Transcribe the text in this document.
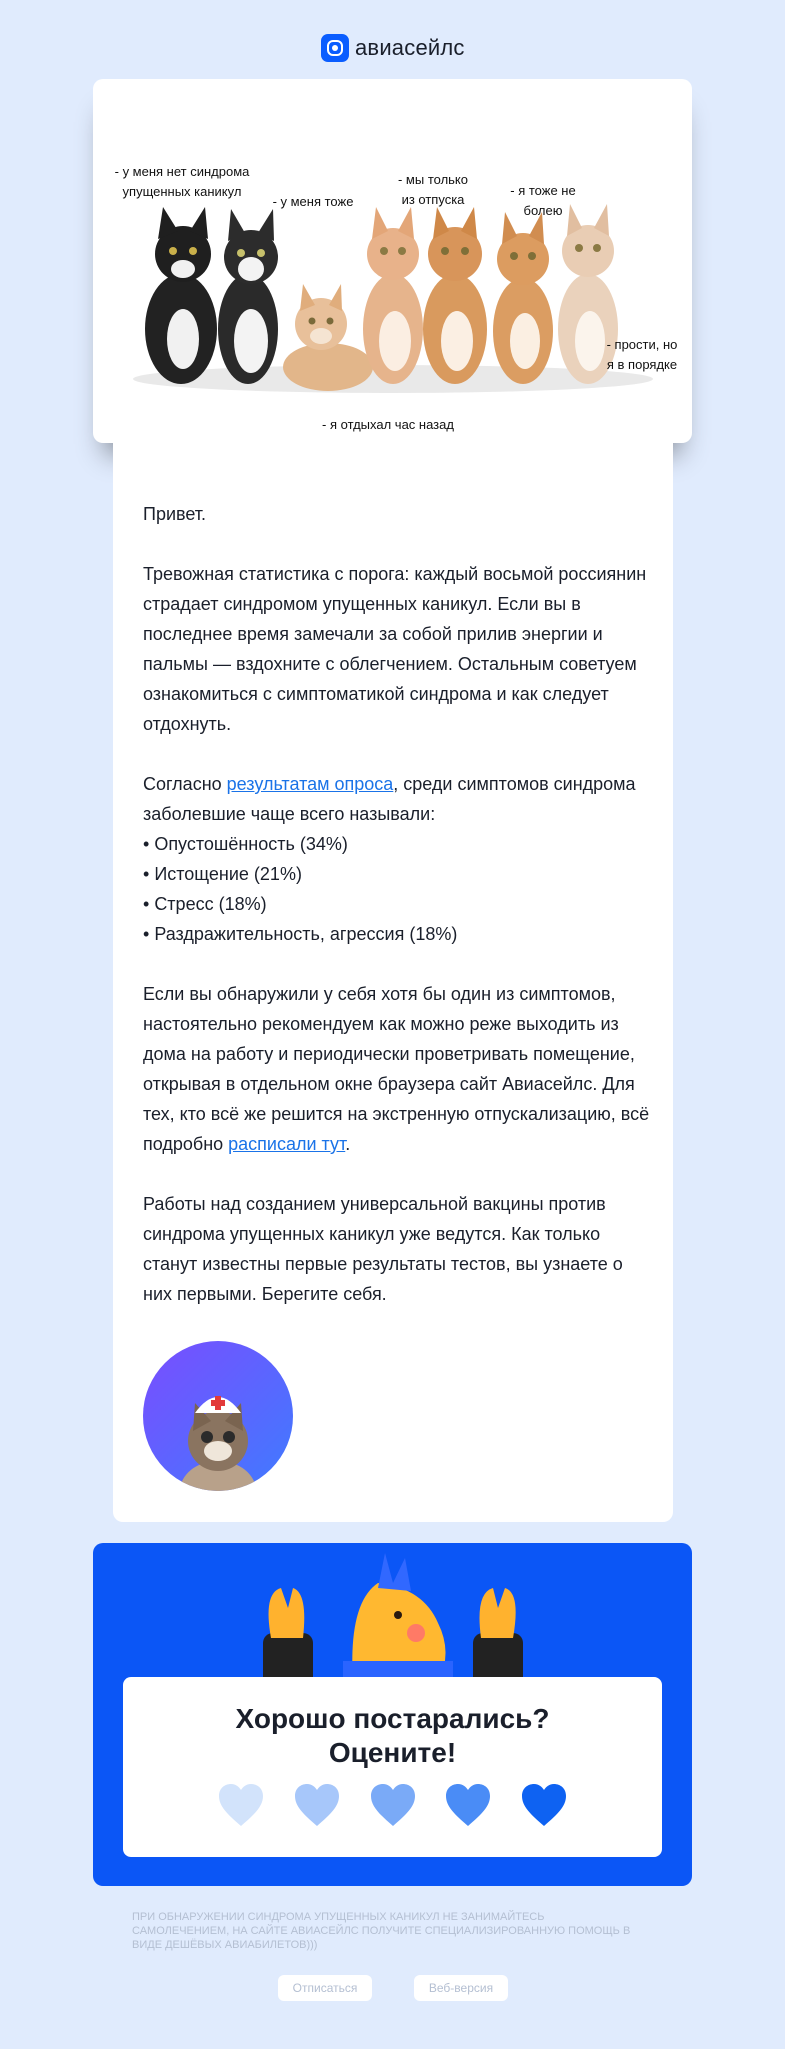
авиасейлс
- у меня нет синдрома
упущенных каникул
- у меня тоже
- мы только
из отпуска
- я тоже не
болею
- прости, но
я в порядке
- я отдыхал час назад

Привет.

Тревожная статистика с порога: каждый восьмой россиянин страдает синдромом упущенных каникул. Если вы в последнее время замечали за собой прилив энергии и пальмы — вздохните с облегчением. Остальным советуем ознакомиться с симптоматикой синдрома и как следует отдохнуть.

Согласно результатам опроса, среди симптомов синдрома заболевшие чаще всего называли:

• Опустошённость (34%)
• Истощение (21%)
• Стресс (18%)
• Раздражительность, агрессия (18%)

Если вы обнаружили у себя хотя бы один из симптомов, настоятельно рекомендуем как можно реже выходить из дома на работу и периодически проветривать помещение, открывая в отдельном окне браузера сайт Авиасейлс. Для тех, кто всё же решится на экстренную отпускализацию, всё подробно расписали тут.

Работы над созданием универсальной вакцины против синдрома упущенных каникул уже ведутся. Как только станут известны первые результаты тестов, вы узнаете о них первыми. Берегите себя.

Хорошо постарались?
Оцените!
ПРИ ОБНАРУЖЕНИИ СИНДРОМА УПУЩЕННЫХ КАНИКУЛ НЕ ЗАНИМАЙТЕСЬ САМОЛЕЧЕНИЕМ, НА САЙТЕ АВИАСЕЙЛС ПОЛУЧИТЕ СПЕЦИАЛИЗИРОВАННУЮ ПОМОЩЬ В ВИДЕ ДЕШЁВЫХ АВИАБИЛЕТОВ)))
Отписаться	Веб-версия
